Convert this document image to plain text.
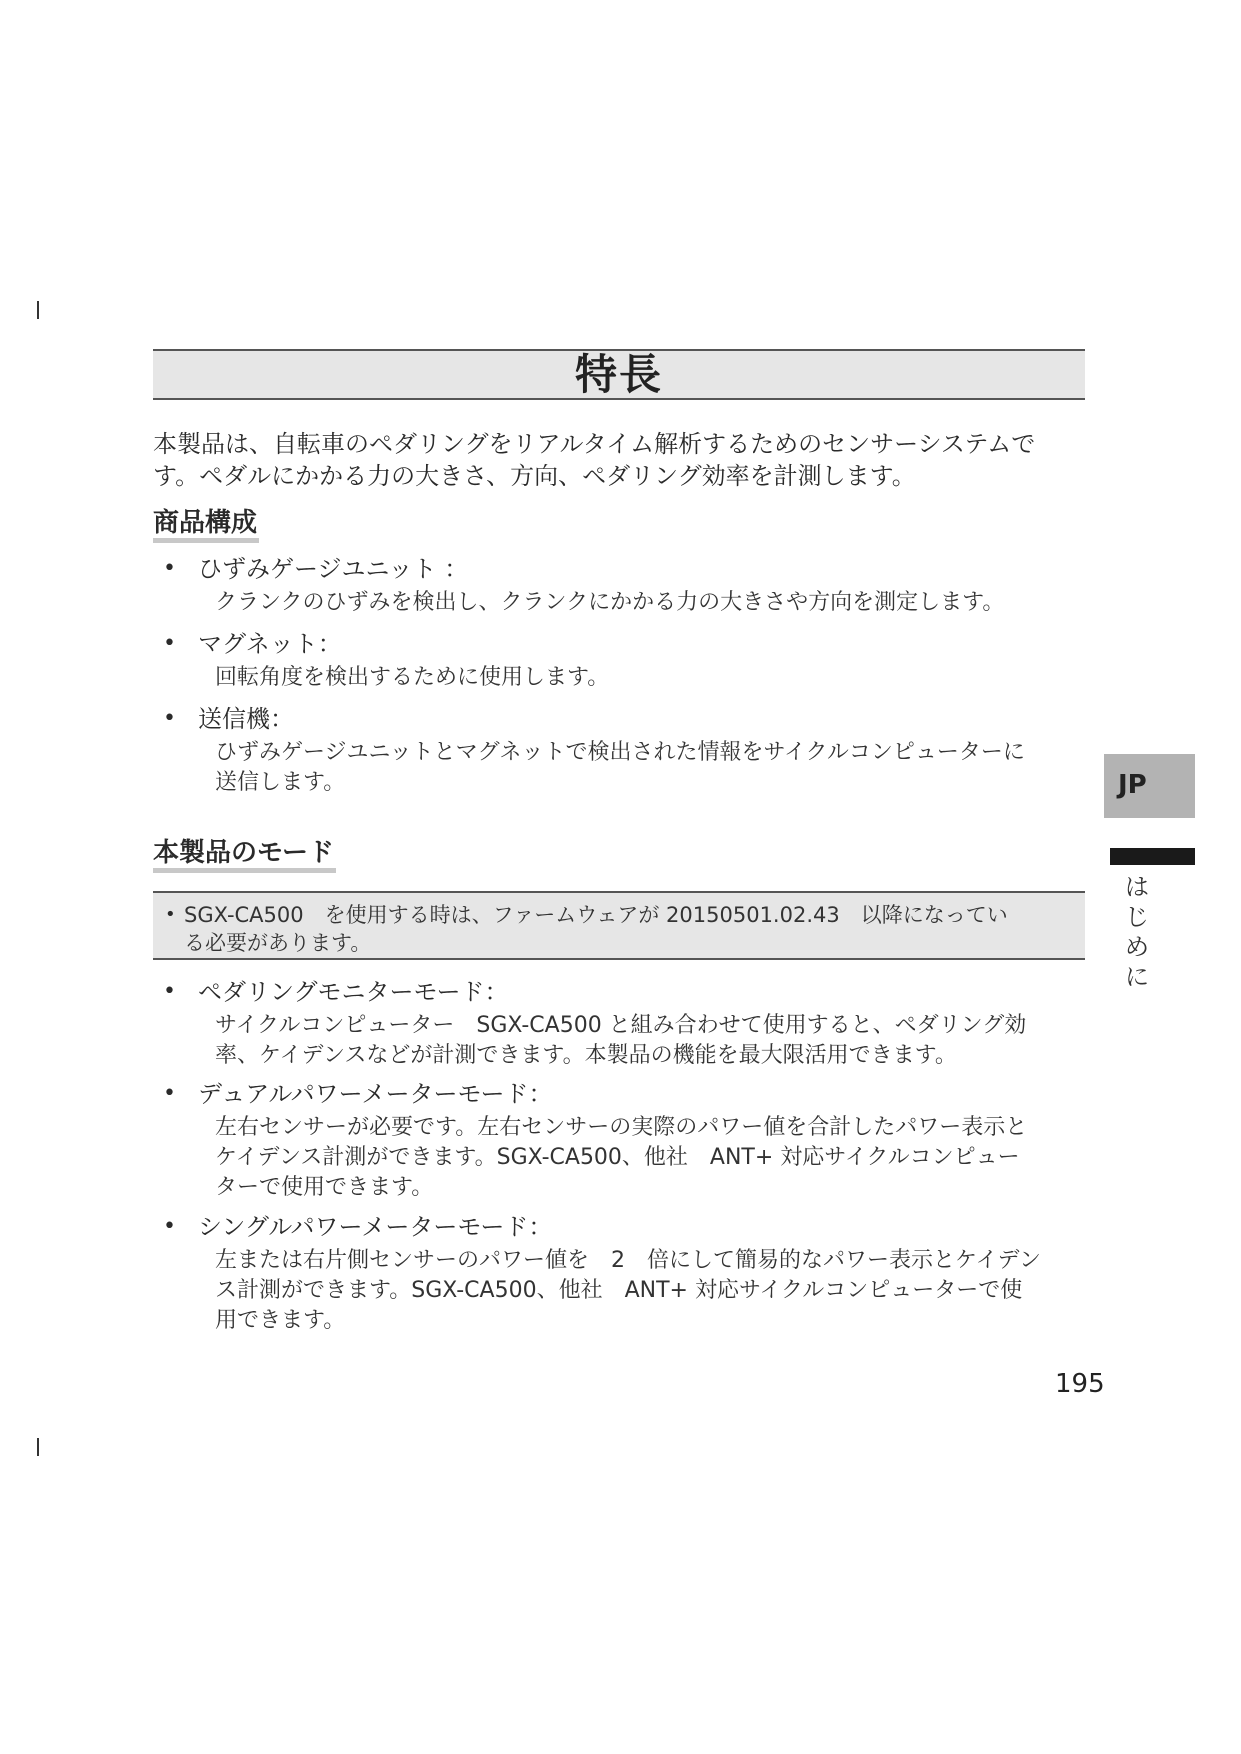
特長

本製品は、自転車のペダリングをリアルタイム解析するためのセンサーシステムで

す。ペダルにかかる力の大きさ、方向、ペダリング効率を計測します。

商品構成
• ひずみゲージユニット ：
クランクのひずみを検出し、クランクにかかる力の大きさや方向を測定します。
• マグネット：
回転角度を検出するために使用します。
• 送信機：
ひずみゲージユニットとマグネットで検出された情報をサイクルコンピューターに
送信します。
本製品のモード
• SGX-CA500　を使用する時は、ファームウェアが 20150501.02.43　以降になってい
る必要があります。
• ペダリングモニターモード：
サイクルコンピューター　SGX-CA500 と組み合わせて使用すると、ペダリング効
率、ケイデンスなどが計測できます。本製品の機能を最大限活用できます。
• デュアルパワーメーターモード：
左右センサーが必要です。左右センサーの実際のパワー値を合計したパワー表示と
ケイデンス計測ができます。SGX-CA500、他社　ANT+ 対応サイクルコンピュー
ターで使用できます。
• シングルパワーメーターモード：
左または右片側センサーのパワー値を　2　倍にして簡易的なパワー表示とケイデン
ス計測ができます。SGX-CA500、他社　ANT+ 対応サイクルコンピューターで使
用できます。
JP
はじめに
195
